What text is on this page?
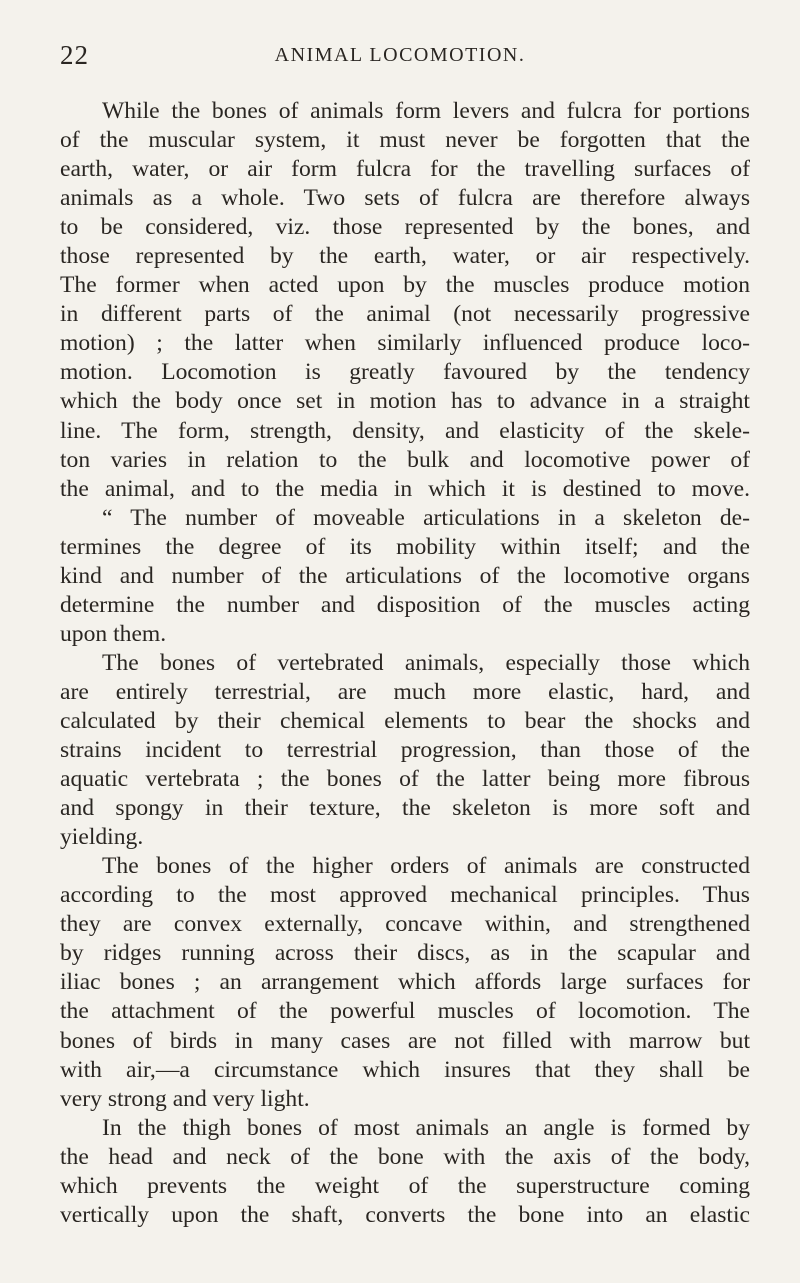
22	ANIMAL LOCOMOTION.
While the bones of animals form levers and fulcra for portions
of the muscular system, it must never be forgotten that the
earth, water, or air form fulcra for the travelling surfaces of
animals as a whole. Two sets of fulcra are therefore always
to be considered, viz. those represented by the bones, and
those represented by the earth, water, or air respectively.
The former when acted upon by the muscles produce motion
in different parts of the animal (not necessarily progressive
motion) ; the latter when similarly influenced produce loco-
motion. Locomotion is greatly favoured by the tendency
which the body once set in motion has to advance in a straight
line. The form, strength, density, and elasticity of the skele-
ton varies in relation to the bulk and locomotive power of
the animal, and to the media in which it is destined to move.
“ The number of moveable articulations in a skeleton de-
termines the degree of its mobility within itself; and the
kind and number of the articulations of the locomotive organs
determine the number and disposition of the muscles acting
upon them.
The bones of vertebrated animals, especially those which
are entirely terrestrial, are much more elastic, hard, and
calculated by their chemical elements to bear the shocks and
strains incident to terrestrial progression, than those of the
aquatic vertebrata ; the bones of the latter being more fibrous
and spongy in their texture, the skeleton is more soft and
yielding.
The bones of the higher orders of animals are constructed
according to the most approved mechanical principles. Thus
they are convex externally, concave within, and strengthened
by ridges running across their discs, as in the scapular and
iliac bones ; an arrangement which affords large surfaces for
the attachment of the powerful muscles of locomotion. The
bones of birds in many cases are not filled with marrow but
with air,—a circumstance which insures that they shall be
very strong and very light.
In the thigh bones of most animals an angle is formed by
the head and neck of the bone with the axis of the body,
which prevents the weight of the superstructure coming
vertically upon the shaft, converts the bone into an elastic
